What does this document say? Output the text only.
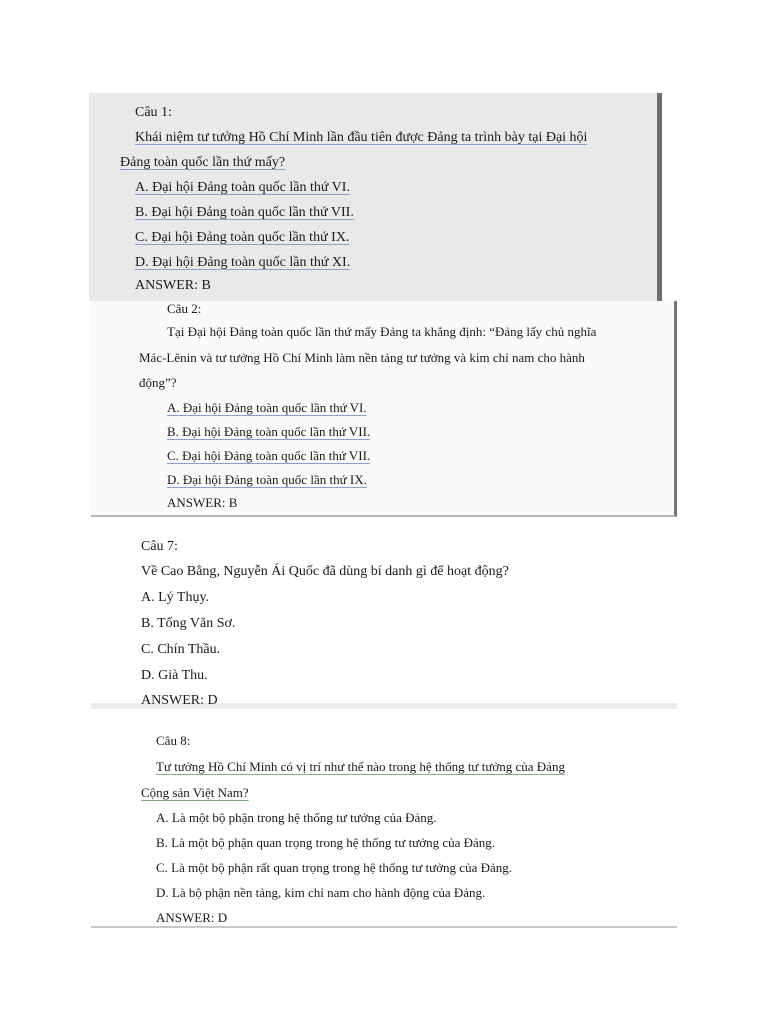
Câu 1:
Khái niệm tư tưởng Hồ Chí Minh lần đầu tiên được Đảng ta trình bày tại Đại hội
Đảng toàn quốc lần thứ mấy?
A. Đại hội Đảng toàn quốc lần thứ VI.
B. Đại hội Đảng toàn quốc lần thứ VII.
C. Đại hội Đảng toàn quốc lần thứ IX.
D. Đại hội Đảng toàn quốc lần thứ XI.
ANSWER: B
Câu 2:
Tại Đại hội Đảng toàn quốc lần thứ mấy Đảng ta khẳng định: “Đảng lấy chủ nghĩa
Mác-Lênin và tư tưởng Hồ Chí Minh làm nền tảng tư tưởng và kim chỉ nam cho hành
động”?
A. Đại hội Đảng toàn quốc lần thứ VI.
B. Đại hội Đảng toàn quốc lần thứ VII.
C. Đại hội Đảng toàn quốc lần thứ VII.
D. Đại hội Đảng toàn quốc lần thứ IX.
ANSWER: B
Câu 7:
Về Cao Bằng, Nguyễn Ái Quốc đã dùng bí danh gì để hoạt động?
A. Lý Thụy.
B. Tống Văn Sơ.
C. Chín Thầu.
D. Già Thu.
ANSWER: D
Câu 8:
Tư tưởng Hồ Chí Minh có vị trí như thế nào trong hệ thống tư tưởng của Đảng
Cộng sản Việt Nam?
A. Là một bộ phận trong hệ thống tư tưởng của Đảng.
B. Là một bộ phận quan trọng trong hệ thống tư tưởng của Đảng.
C. Là một bộ phận rất quan trọng trong hệ thống tư tưởng của Đảng.
D. Là bộ phận nền tảng, kim chỉ nam cho hành động của Đảng.
ANSWER: D
